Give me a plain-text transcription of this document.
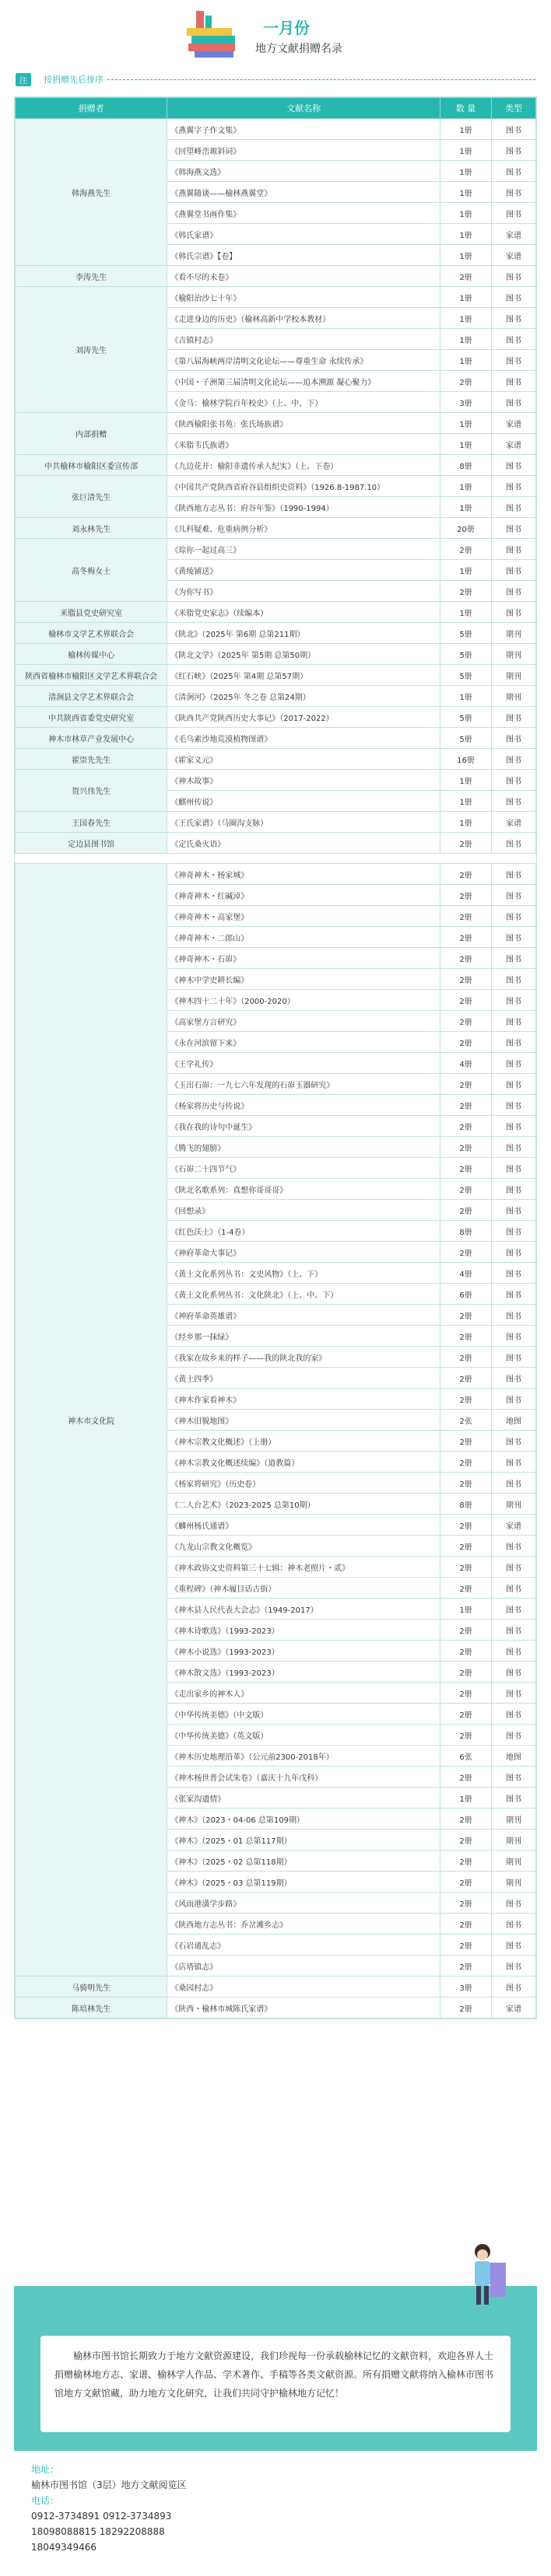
一月份
地方文献捐赠名录
注	按捐赠先后排序
捐赠者	文献名称	数 量	类型
韩海燕先生	《燕翼字子作文集》	1册	图书
	《回望峰峦塬斜词》	1册	图书
	《韩海燕文选》	1册	图书
	《燕翼随谈——榆林燕翼堂》	1册	图书
	《燕翼堂书画作集》	1册	图书
	《韩氏家谱》	1册	家谱
	《韩氏宗谱》【卷】	1册	家谱
李涛先生	《看不尽的未卷》	2册	图书
刘涛先生	《榆阳治沙七十年》	1册	图书
	《走进身边的历史》（榆林高新中学校本教材）	1册	图书
	《吉镇村志》	1册	图书
	《第八届海峡两岸清明文化论坛——尊重生命 永续传承》	1册	图书
	《中国・子洲第三届清明文化论坛——追本溯源 凝心聚力》	2册	图书
	《金马：榆林学院百年校史》（上、中、下）	3册	图书
内部捐赠	《陕西榆阳张书苑：张氏场族谱》	1册	家谱
	《米脂韦氏族谱》	1册	家谱
中共榆林市榆阳区委宣传部	《九边花开：榆阳非遗传承人纪实》（上、下卷）	8册	图书
张巨清先生	《中国共产党陕西省府谷县组织史资料》（1926.8-1987.10）	1册	图书
	《陕西地方志丛书：府谷年鉴》（1990-1994）	1册	图书
刘永林先生	《儿科疑难、危重病例分析》	20册	图书
高冬梅女士	《琮你一起过高三》	2册	图书
	《黄绫铺送》	1册	图书
	《为你写书》	2册	图书
米脂县党史研究室	《米脂党史家志》（续编本）	1册	图书
榆林市文学艺术界联合会	《陕北》（2025年 第6期 总第211期）	5册	期刊
榆林传媒中心	《陕北文学》（2025年 第5期 总第50期）	5册	期刊
陕西省榆林市榆阳区文学艺术界联合会	《红石峡》（2025年 第4期 总第57期）	5册	期刊
清涧县文学艺术界联合会	《清涧河》（2025年 冬之卷 总第24期）	1册	期刊
中共陕西省委党史研究室	《陕西共产党陕西历史大事记》（2017-2022）	5册	图书
神木市林草产业发展中心	《毛乌素沙地荒漠植物图谱》	5册	图书
霍崇先先生	《霍家义元》	16册	图书
贺兴伟先生	《神木故事》	1册	图书
	《麒州传说》	1册	图书
王国春先生	《王氏家谱》（马圈沟支脉）	1册	家谱
定边县图书馆	《定氏桑火语》	2册	图书

神木市文化院	《神奇神木・杨家城》	2册	图书
	《神奇神木・红碱淖》	2册	图书
	《神奇神木・高家堡》	2册	图书
	《神奇神木・二郎山》	2册	图书
	《神奇神木・石峁》	2册	图书
	《神木中学史耕长编》	2册	图书
	《神木四十二十年》（2000-2020）	2册	图书
	《高家堡方言研究》	2册	图书
	《永在河滨留下来》	2册	图书
	《王学礼传》	4册	图书
	《玉出石峁：一九七六年发现的石峁玉器研究》	2册	图书
	《杨家将历史与传说》	2册	图书
	《我在我的诗句中诞生》	2册	图书
	《腾飞的翅膀》	2册	图书
	《石峁二十四节气》	2册	图书
	《陕北名歌系列：真想你哥哥哥》	2册	图书
	《回想录》	2册	图书
	《红色沃土》（1-4卷）	8册	图书
	《神府革命大事记》	2册	图书
	《黄土文化系列丛书：文史风物》（上、下）	4册	图书
	《黄土文化系列丛书：文化陕北》（上、中、下）	6册	图书
	《神府革命英雄谱》	2册	图书
	《经乡那一抹绿》	2册	图书
	《我家在故乡来的样子——我的陕北我的家》	2册	图书
	《黄土四季》	2册	图书
	《神木作家看神木》	2册	图书
	《神木旧貌地图》	2张	地图
	《神木宗教文化概述》（上册）	2册	图书
	《神木宗教文化概述续编》（道教篇）	2册	图书
	《杨家将研究》（历史卷）	2册	图书
	《二人台艺术》（2023-2025 总第10期）	8册	期刊
	《麟州杨氏通谱》	2册	家谱
	《九龙山宗教文化概览》	2册	图书
	《神木政协文史资料第三十七辑：神木老照片・贰》	2册	图书
	《重程碑》（神木履目话古街）	2册	图书
	《神木县人民代表大会志》（1949-2017）	1册	图书
	《神木诗歌选》（1993-2023）	2册	图书
	《神木小说选》（1993-2023）	2册	图书
	《神木散文选》（1993-2023）	2册	图书
	《走出家乡的神木人》	2册	图书
	《中华传统美德》（中文版）	2册	图书
	《中华传统美德》（英文版）	2册	图书
	《神木历史地理沿革》（公元前2300-2018年）	6张	地图
	《神木杨世普会试朱卷》（嘉庆十九年戊科）	2册	图书
	《张家沟遗情》	1册	图书
	《神木》（2023・04-06 总第109期）	2册	期刊
	《神木》（2025・01 总第117期）	2册	期刊
	《神木》（2025・02 总第118期）	2册	期刊
	《神木》（2025・03 总第119期）	2册	期刊
	《风雨港潢学步路》	2册	图书
	《陕西地方志丛书：乔岔滩乡志》	2册	图书
	《石岩通乱志》	2册	图书
	《店塔镇志》	2册	图书
马骑明先生	《桑园村志》	3册	图书
陈培林先生	《陕西・榆林市城陈氏家谱》	2册	家谱
榆林市图书馆长期致力于地方文献资源建设，我们珍视每一份承载榆林记忆的文献资料，欢迎各界人士捐赠榆林地方志、家谱、榆林学人作品、学术著作、手稿等各类文献资源。所有捐赠文献将纳入榆林市图书馆地方文献馆藏，助力地方文化研究，让我们共同守护榆林地方记忆！

地址：

榆林市图书馆（3层）地方文献阅览区

电话：

0912-3734891 0912-3734893

18098088815 18292208888

18049349466
